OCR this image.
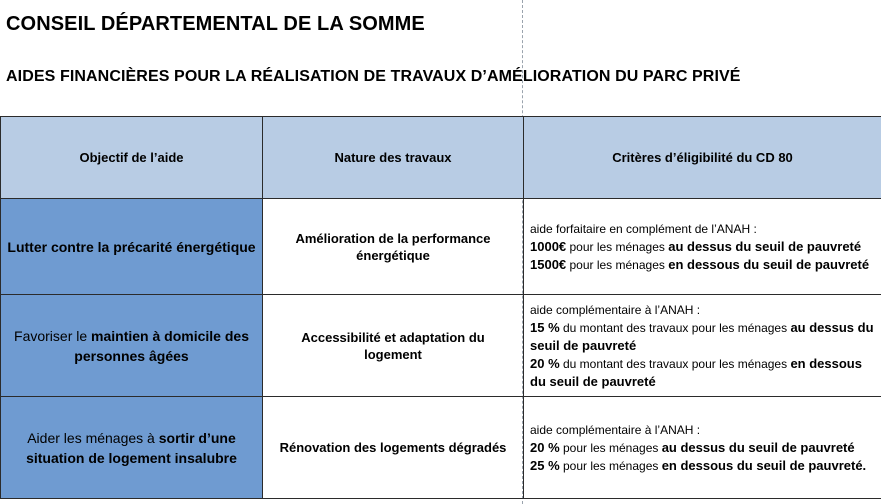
CONSEIL DÉPARTEMENTAL DE LA SOMME
AIDES FINANCIÈRES POUR LA RÉALISATION DE TRAVAUX D’AMÉLIORATION DU PARC PRIVÉ
Objectif de l’aide	Nature des travaux	Critères d’éligibilité du CD 80
Lutter contre la précarité énergétique	Amélioration de la performance énergétique	aide forfaitaire en complément de l’ANAH :
1000€ pour les ménages au dessus du seuil de pauvreté
1500€ pour les ménages en dessous du seuil de pauvreté

Favoriser le maintien à domicile des personnes âgées	Accessibilité et adaptation du logement	aide complémentaire à l’ANAH :
15 % du montant des travaux pour les ménages au dessus du seuil de pauvreté
20 % du montant des travaux pour les ménages en dessous du seuil de pauvreté

Aider les ménages à sortir d’une situation de logement insalubre	Rénovation des logements dégradés	aide complémentaire à l’ANAH :
20 % pour les ménages au dessus du seuil de pauvreté
25 % pour les ménages en dessous du seuil de pauvreté.
